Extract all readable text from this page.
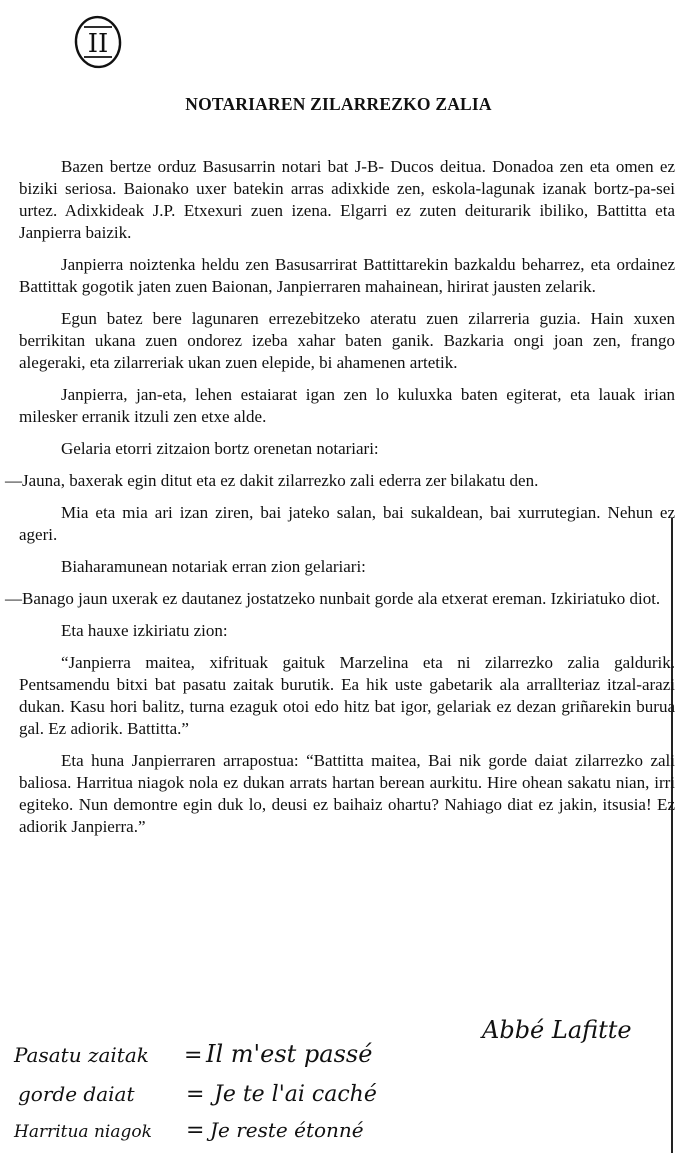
II
NOTARIAREN ZILARREZKO ZALIA

Bazen bertze orduz Basusarrin notari bat J-B- Ducos deitua. Donadoa zen eta omen ez biziki seriosa. Baionako uxer batekin arras adixkide zen, eskola-lagunak izanak bortz-pa-sei urtez. Adixkideak J.P. Etxexuri zuen izena. Elgarri ez zuten deiturarik ibiliko, Battitta eta Janpierra baizik.

Janpierra noiztenka heldu zen Basusarrirat Battittarekin bazkaldu beharrez, eta ordainez Battittak gogotik jaten zuen Baionan, Janpierraren mahainean, hirirat jausten zelarik.

Egun batez bere lagunaren errezebitzeko ateratu zuen zilarreria guzia. Hain xuxen berrikitan ukana zuen ondorez izeba xahar baten ganik. Bazkaria ongi joan zen, frango alegeraki, eta zilarreriak ukan zuen elepide, bi ahamenen artetik.

Janpierra, jan-eta, lehen estaiarat igan zen lo kuluxka baten egiterat, eta lauak irian milesker erranik itzuli zen etxe alde.

Gelaria etorri zitzaion bortz orenetan notariari:

—Jauna, baxerak egin ditut eta ez dakit zilarrezko zali ederra zer bilakatu den.

Mia eta mia ari izan ziren, bai jateko salan, bai sukaldean, bai xurrutegian. Nehun ez ageri.

Biaharamunean notariak erran zion gelariari:

—Banago jaun uxerak ez dautanez jostatzeko nunbait gorde ala etxerat ereman. Izkiriatuko diot.

Eta hauxe izkiriatu zion:

“Janpierra maitea, xifrituak gaituk Marzelina eta ni zilarrezko zalia galdurik. Pentsamendu bitxi bat pasatu zaitak burutik. Ea hik uste gabetarik ala arrallteriaz itzal-arazi dukan. Kasu hori balitz, turna ezaguk otoi edo hitz bat igor, gelariak ez dezan griñarekin burua gal. Ez adiorik. Battitta.”

Eta huna Janpierraren arrapostua: “Battitta maitea, Bai nik gorde daiat zilarrezko zali baliosa. Harritua niagok nola ez dukan arrats hartan berean aurkitu. Hire ohean sakatu nian, irri egiteko. Nun demontre egin duk lo, deusi ez baihaiz ohartu? Nahiago diat ez jakin, itsusia! Ez adiorik Janpierra.”

Abbé Lafitte
Pasatu zaitak = Il m'est passé
gorde daiat = Je te l'ai caché
Harritua niagok = Je reste étonné
